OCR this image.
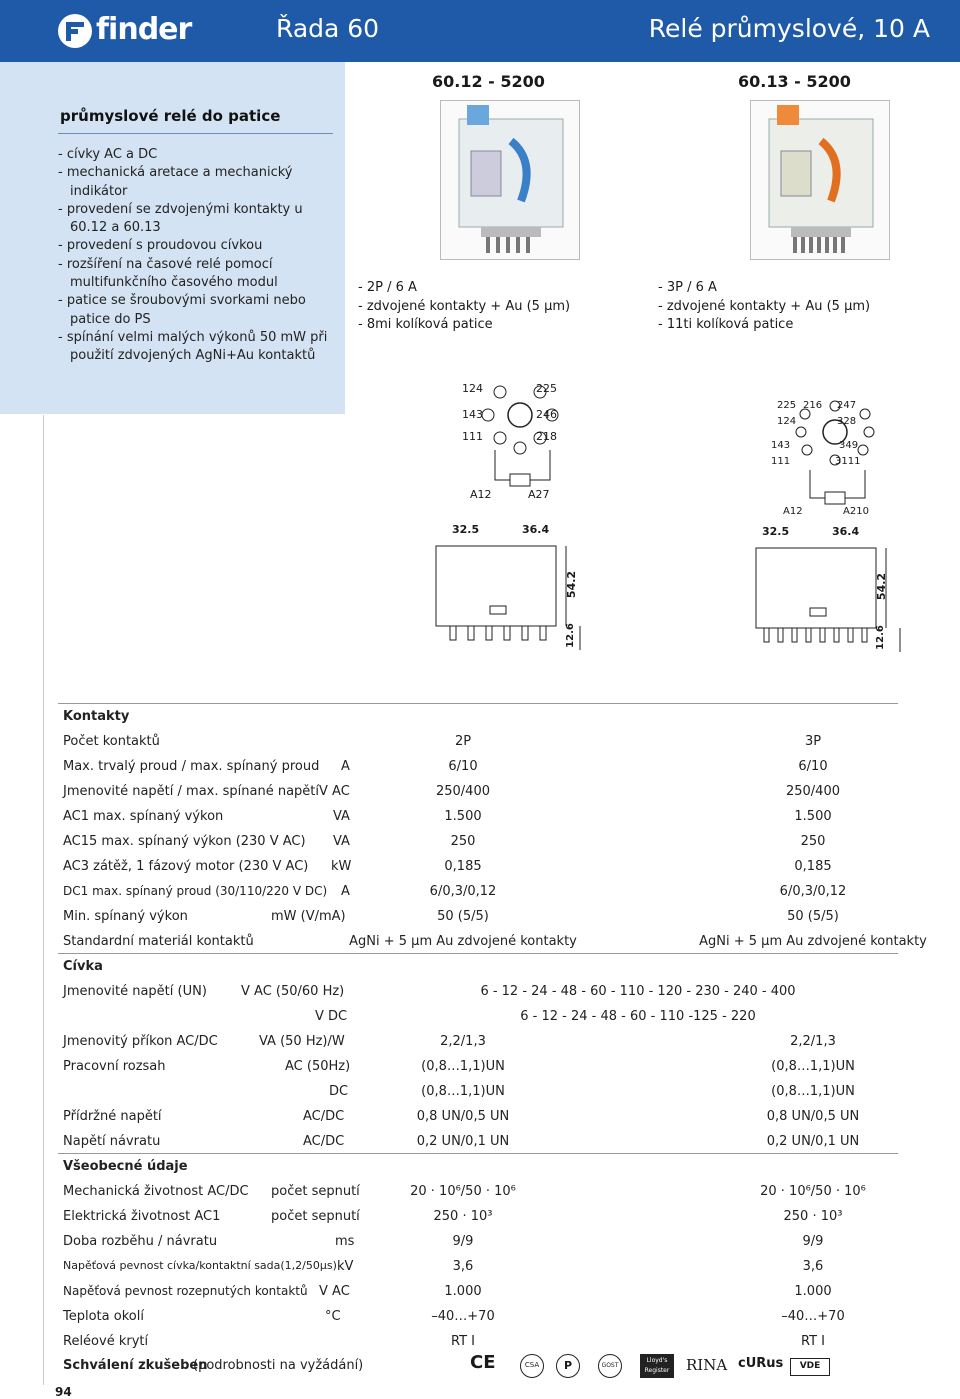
finder	Řada 60	Relé průmyslové, 10 A
průmyslové relé do patice
- cívky AC a DC
- mechanická aretace a mechanický indikátor
- provedení se zdvojenými kontakty u 60.12 a 60.13
- provedení s proudovou cívkou
- rozšíření na časové relé pomocí multifunkčního časového modul
- patice se šroubovými svorkami nebo patice do PS
- spínání velmi malých výkonů 50 mW při použití zdvojených AgNi+Au kontaktů
60.12 - 5200
- 2P / 6 A
- zdvojené kontakty + Au (5 µm)
- 8mi kolíková patice
124	225
143	246
111	218
A12	A27
32.5	36.4
54.2
12.6
60.13 - 5200
- 3P / 6 A
- zdvojené kontakty + Au (5 µm)
- 11ti kolíková patice
225 216 247
124	328
143	349
111	3111
A12	A210
32.5	36.4
54.2
12.6
Kontakty
Počet kontaktů	2P	3P
Max. trvalý proud / max. spínaný proud A	6/10	6/10
Jmenovité napětí / max. spínané napětí V AC	250/400	250/400
AC1 max. spínaný výkon	VA	1.500	1.500
AC15 max. spínaný výkon (230 V AC) VA	250	250
AC3 zátěž, 1 fázový motor (230 V AC) kW	0,185	0,185
DC1 max. spínaný proud (30/110/220 V DC) A	6/0,3/0,12	6/0,3/0,12
Min. spínaný výkon	mW (V/mA)	50 (5/5)	50 (5/5)
Standardní materiál kontaktů	AgNi + 5 µm Au zdvojené kontakty	AgNi + 5 µm Au zdvojené kontakty
Cívka
Jmenovité napětí (UN)	V AC (50/60 Hz)	6 - 12 - 24 - 48 - 60 - 110 - 120 - 230 - 240 - 400
V DC	6 - 12 - 24 - 48 - 60 - 110 -125 - 220
Jmenovitý příkon AC/DC	VA (50 Hz)/W	2,2/1,3	2,2/1,3
Pracovní rozsah	AC (50Hz)	(0,8…1,1)UN	(0,8…1,1)UN
DC	(0,8…1,1)UN	(0,8…1,1)UN
Přídržné napětí	AC/DC	0,8 UN/0,5 UN	0,8 UN/0,5 UN
Napětí návratu	AC/DC	0,2 UN/0,1 UN	0,2 UN/0,1 UN
Všeobecné údaje
Mechanická životnost AC/DC počet sepnutí	20 · 10⁶/50 · 10⁶	20 · 10⁶/50 · 10⁶
Elektrická životnost AC1	počet sepnutí	250 · 10³	250 · 10³
Doba rozběhu / návratu	ms	9/9	9/9
Napěťová pevnost cívka/kontaktní sada(1,2/50µs) kV	3,6	3,6
Napěťová pevnost rozepnutých kontaktů V AC	1.000	1.000
Teplota okolí	°C	–40…+70	–40…+70
Reléové krytí	RT I	RT I
Schválení zkušeben
(podrobnosti na vyžádání)	CE	CSA	P	GOST
Lloyd's Register	RINA cURus	VDE
94
